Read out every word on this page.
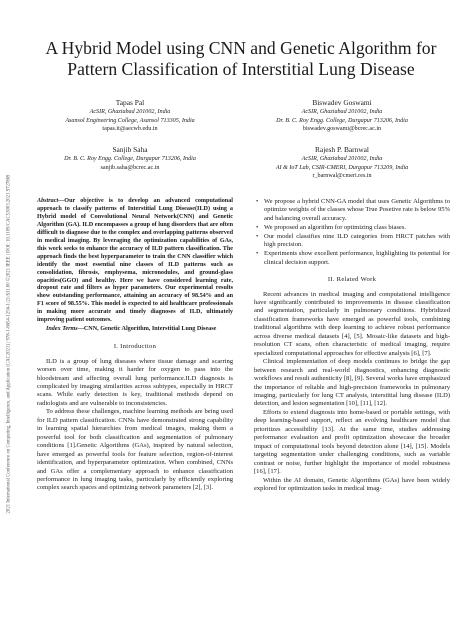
2021 International Conference on Computing, Intelligence, and Application (CAC2021) | 978-1-6654-1256-1/21/$31.00 ©2021 IEEE | DOI: 10.1109/CAC53003.2021.9727869
A Hybrid Model using CNN and Genetic Algorithm for Pattern Classification of Interstitial Lung Disease
Tapas Pal
AcSIR, Ghaziabad 201002, India
Asansol Engineering College, Asansol 713305, India
tapas.it@aecwb.edu.in
Biswadev Goswami
AcSIR, Ghaziabad 201002, India
Dr. B. C. Roy Engg. College, Durgapur 713206, India
biswadev.goswami@bcrec.ac.in
Sanjib Saha
Dr. B. C. Roy Engg. College, Durgapur 713206, India
sanjib.saha@bcrec.ac.in
Rajesh P. Barnwal
AcSIR, Ghaziabad 201002, India
AI & IoT Lab, CSIR-CMERI, Durgapur 713209, India
r_barnwal@cmeri.res.in

Abstract—Our objective is to develop an advanced computational approach to classify patterns of Interstitial Lung Disease(ILD) using a Hybrid model of Convolutional Neural Network(CNN) and Genetic Algorithm (GA). ILD encompasses a group of lung disorders that are often difficult to diagnose due to the complex and overlapping patterns observed in medical imaging. By leveraging the optimization capabilities of GAs, this work seeks to enhance the accuracy of ILD pattern classification. The approach finds the best hyperparameter to train the CNN classifier which identify the most essential nine classes of ILD patterns such as consolidation, fibrosis, emphysema, micronodules, and ground-glass opacities(GGO) and healthy. Here we have considered learning rate, dropout rate and filters as hyper parameters. Our experimental results show outstanding performance, attaining an accuracy of 98.54% and an F1 score of 98.55%. This model is expected to aid healthcare professionals in making more accurate and timely diagnoses of ILD, ultimately improving patient outcomes.

Index Terms—CNN, Genetic Algorithm, Interstitial Lung Disease

I. Introduction

ILD is a group of lung diseases where tissue damage and scarring worsen over time, making it harder for oxygen to pass into the bloodstream and affecting overall lung performance.ILD diagnosis is complicated by imaging similarities across subtypes, especially in HRCT scans. While early detection is key, traditional methods depend on radiologists and are vulnerable to inconsistencies.

To address these challenges, machine learning methods are being used for ILD pattern classification. CNNs have demonstrated strong capability in learning spatial hierarchies from medical images, making them a powerful tool for both classification and segmentation of pulmonary conditions [1].Genetic Algorithms (GAs), inspired by natural selection, have emerged as powerful tools for feature selection, region-of-interest identification, and hyperparameter optimization. When combined, CNNs and GAs offer a complementary approach to enhance classification performance in lung imaging tasks, particularly by efficiently exploring complex search spaces and optimizing network parameters [2], [3].

• We propose a hybrid CNN-GA model that uses Genetic Algorithms to optimize weights of the classes whose True Posetive rate is below 95% and balancing overall accuracy.
• We proposed an algorithm for optimizing class biases.
• Our model classifies nine ILD categories from HRCT patches with high precision.
• Experiments show excellent performance, highlighting its potential for clinical decision support.

II. Related Work

Recent advances in medical imaging and computational intelligence have significantly contributed to improvements in disease classification and segmentation, particularly in pulmonary conditions. Hybridized classification frameworks have emerged as powerful tools, combining traditional algorithms with deep learning to achieve robust performance across diverse medical datasets [4], [5]. Mosaic-like datasets and high-resolution CT scans, often characteristic of medical imaging, require specialized computational approaches for effective analysis [6], [7].

Clinical implementation of deep models continues to bridge the gap between research and real-world diagnostics, enhancing diagnostic workflows and result authenticity [8], [9]. Several works have emphasized the importance of reliable and high-precision frameworks in pulmonary imaging, particularly for lung CT analysis, interstitial lung disease (ILD) detection, and lesion segmentation [10], [11], [12].

Efforts to extend diagnosis into home-based or portable settings, with deep learning-based support, reflect an evolving healthcare model that prioritizes accessibility [13]. At the same time, studies addressing performance evaluation and profit optimization showcase the broader impact of computational tools beyond detection alone [14], [15]. Models targeting segmentation under challenging conditions, such as variable contrast or noise, further highlight the importance of model robustness [16], [17].

Within the AI domain, Genetic Algorithms (GAs) have been widely explored for optimization tasks in medical imag-
